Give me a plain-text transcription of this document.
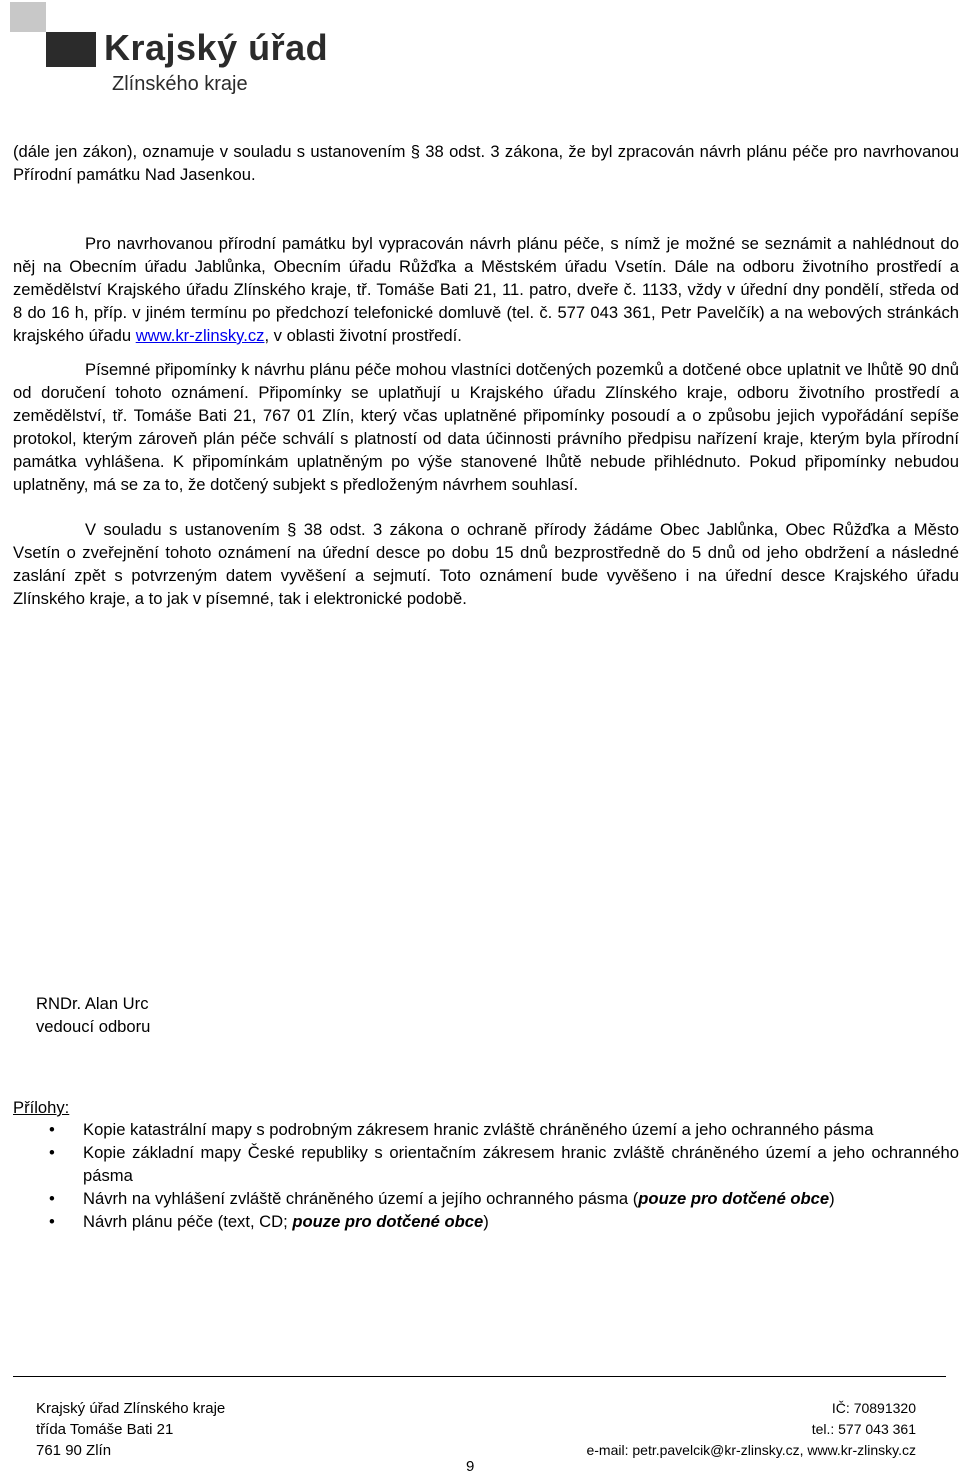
Krajský úřad
Zlínského kraje

(dále jen zákon), oznamuje v souladu s ustanovením § 38 odst. 3 zákona, že byl zpracován návrh plánu péče pro navrhovanou Přírodní památku Nad Jasenkou.

Pro navrhovanou přírodní památku byl vypracován návrh plánu péče, s nímž je možné se seznámit a nahlédnout do něj na Obecním úřadu Jablůnka, Obecním úřadu Růžďka a Městském úřadu Vsetín. Dále na odboru životního prostředí a zemědělství Krajského úřadu Zlínského kraje, tř. Tomáše Bati 21, 11. patro, dveře č. 1133, vždy v úřední dny pondělí, středa od 8 do 16 h, příp. v jiném termínu po předchozí telefonické domluvě (tel. č. 577 043 361, Petr Pavelčík) a na webových stránkách krajského úřadu www.kr-zlinsky.cz, v oblasti životní prostředí.

Písemné připomínky k návrhu plánu péče mohou vlastníci dotčených pozemků a dotčené obce uplatnit ve lhůtě 90 dnů od doručení tohoto oznámení. Připomínky se uplatňují u Krajského úřadu Zlínského kraje, odboru životního prostředí a zemědělství, tř. Tomáše Bati 21, 767 01 Zlín, který včas uplatněné připomínky posoudí a o způsobu jejich vypořádání sepíše protokol, kterým zároveň plán péče schválí s platností od data účinnosti právního předpisu nařízení kraje, kterým byla přírodní památka vyhlášena. K připomínkám uplatněným po výše stanovené lhůtě nebude přihlédnuto. Pokud připomínky nebudou uplatněny, má se za to, že dotčený subjekt s předloženým návrhem souhlasí.

V souladu s ustanovením § 38 odst. 3 zákona o ochraně přírody žádáme Obec Jablůnka, Obec Růžďka a Město Vsetín o zveřejnění tohoto oznámení na úřední desce po dobu 15 dnů bezprostředně do 5 dnů od jeho obdržení a následné zaslání zpět s potvrzeným datem vyvěšení a sejmutí. Toto oznámení bude vyvěšeno i na úřední desce Krajského úřadu Zlínského kraje, a to jak v písemné, tak i elektronické podobě.

RNDr. Alan Urc
vedoucí odboru
Přílohy:
• Kopie katastrální mapy s podrobným zákresem hranic zvláště chráněného území a jeho ochranného pásma
• Kopie základní mapy České republiky s orientačním zákresem hranic zvláště chráněného území a jeho ochranného pásma
• Návrh na vyhlášení zvláště chráněného území a jejího ochranného pásma (pouze pro dotčené obce)
• Návrh plánu péče (text, CD; pouze pro dotčené obce)
Krajský úřad Zlínského kraje
třída Tomáše Bati 21
761 90 Zlín
IČ: 70891320
tel.: 577 043 361
e-mail: petr.pavelcik@kr-zlinsky.cz, www.kr-zlinsky.cz
9
